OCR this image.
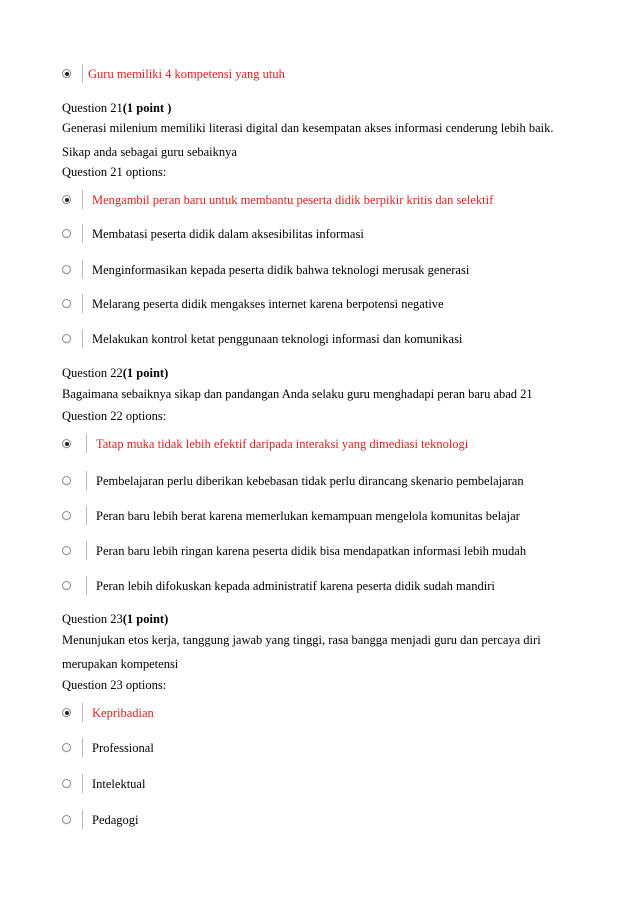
Guru memiliki 4 kompetensi yang utuh
Question 21(1 point )
Generasi milenium memiliki literasi digital dan kesempatan akses informasi cenderung lebih baik.
Sikap anda sebagai guru sebaiknya
Question 21 options:
Mengambil peran baru untuk membantu peserta didik berpikir kritis dan selektif
Membatasi peserta didik dalam aksesibilitas informasi
Menginformasikan kepada peserta didik bahwa teknologi merusak generasi
Melarang peserta didik mengakses internet karena berpotensi negative
Melakukan kontrol ketat penggunaan teknologi informasi dan komunikasi
Question 22(1 point)
Bagaimana sebaiknya sikap dan pandangan Anda selaku guru menghadapi peran baru abad 21
Question 22 options:
Tatap muka tidak lebih efektif daripada interaksi yang dimediasi teknologi
Pembelajaran perlu diberikan kebebasan tidak perlu dirancang skenario pembelajaran
Peran baru lebih berat karena memerlukan kemampuan mengelola komunitas belajar
Peran baru lebih ringan karena peserta didik bisa mendapatkan informasi lebih mudah
Peran lebih difokuskan kepada administratif karena peserta didik sudah mandiri
Question 23(1 point)
Menunjukan etos kerja, tanggung jawab yang tinggi, rasa bangga menjadi guru dan percaya diri
merupakan kompetensi
Question 23 options:
Kepribadian
Professional
Intelektual
Pedagogi
